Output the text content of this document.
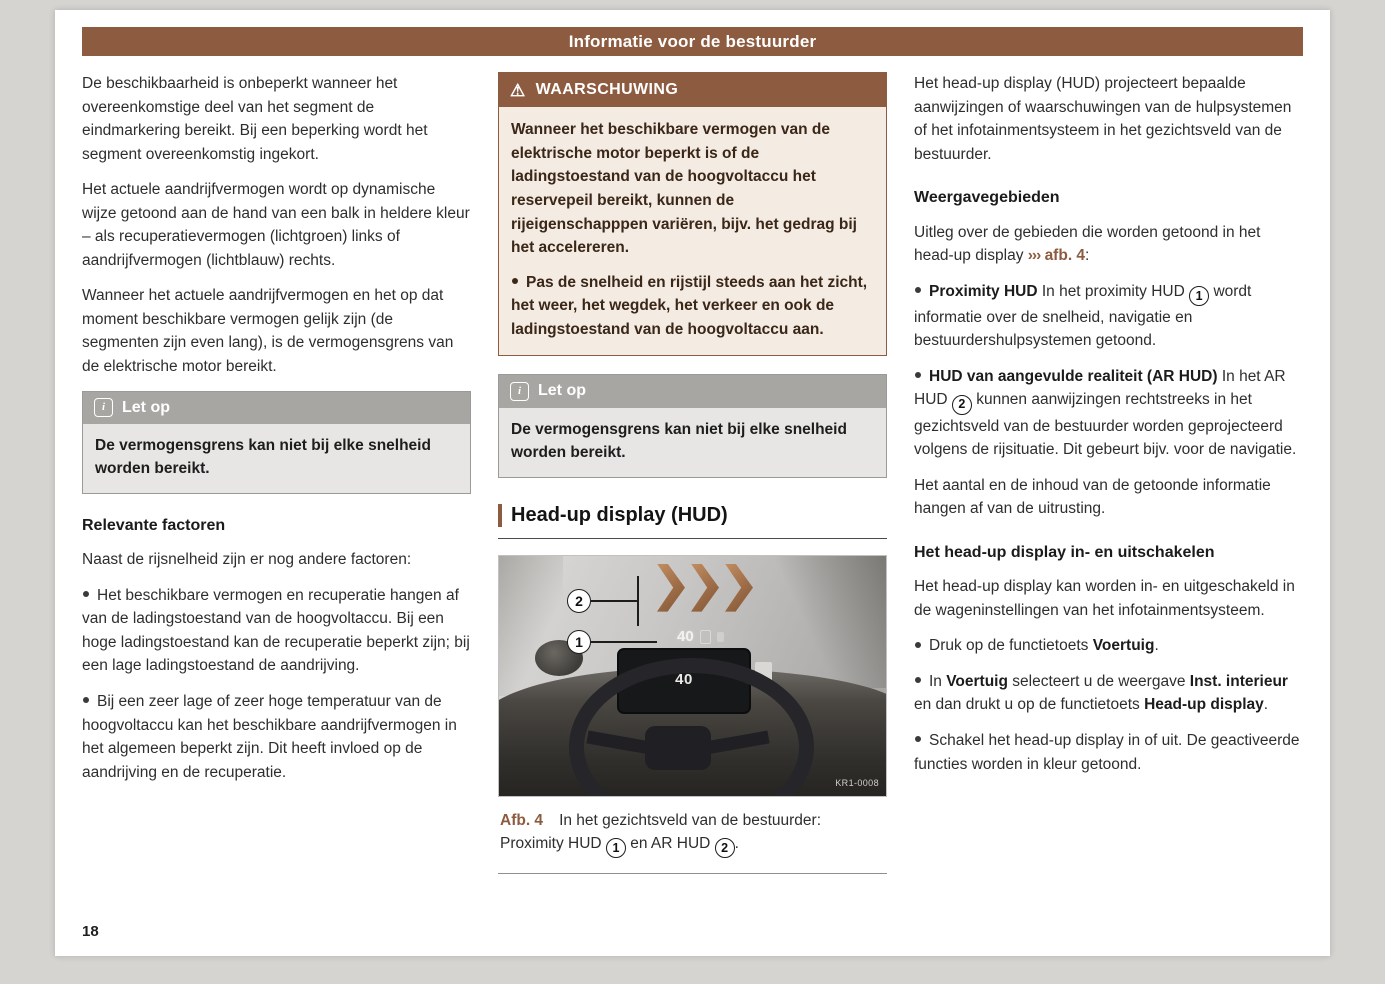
Informatie voor de bestuurder

De beschikbaarheid is onbeperkt wanneer het overeenkomstige deel van het segment de eindmarkering bereikt. Bij een beperking wordt het segment overeenkomstig ingekort.

Het actuele aandrijfvermogen wordt op dynamische wijze getoond aan de hand van een balk in heldere kleur – als recuperatievermogen (lichtgroen) links of aandrijfvermogen (lichtblauw) rechts.

Wanneer het actuele aandrijfvermogen en het op dat moment beschikbare vermogen gelijk zijn (de segmenten zijn even lang), is de vermogensgrens van de elektrische motor bereikt.

i	Let op
De vermogensgrens kan niet bij elke snelheid worden bereikt.
Relevante factoren

Naast de rijsnelheid zijn er nog andere factoren:

Het beschikbare vermogen en recuperatie hangen af van de ladingstoestand van de hoogvoltaccu. Bij een hoge ladingstoestand kan de recuperatie beperkt zijn; bij een lage ladingstoestand de aandrijving.

Bij een zeer lage of zeer hoge temperatuur van de hoogvoltaccu kan het beschikbare aandrijfvermogen in het algemeen beperkt zijn. Dit heeft invloed op de aandrijving en de recuperatie.

⚠ WAARSCHUWING

Wanneer het beschikbare vermogen van de elektrische motor beperkt is of de ladingstoestand van de hoogvoltaccu het reservepeil bereikt, kunnen de rijeigenschapppen variëren, bijv. het gedrag bij het accelereren.

Pas de snelheid en rijstijl steeds aan het zicht, het weer, het wegdek, het verkeer en ook de ladingstoestand van de hoogvoltaccu aan.

i	Let op
De vermogensgrens kan niet bij elke snelheid worden bereikt.
Head-up display (HUD)
40
40
2
1
KR1-0008
Afb. 4 In het gezichtsveld van de bestuurder: Proximity HUD 1 en AR HUD 2 .

Het head-up display (HUD) projecteert bepaalde aanwijzingen of waarschuwingen van de hulpsystemen of het infotainmentsysteem in het gezichtsveld van de bestuurder.

Weergavegebieden

Uitleg over de gebieden die worden getoond in het head-up display ››› afb. 4:

Proximity HUD In het proximity HUD 1 wordt informatie over de snelheid, navigatie en bestuurdershulpsystemen getoond.

HUD van aangevulde realiteit (AR HUD) In het AR HUD 2 kunnen aanwijzingen rechtstreeks in het gezichtsveld van de bestuurder worden geprojecteerd volgens de rijsituatie. Dit gebeurt bijv. voor de navigatie.

Het aantal en de inhoud van de getoonde informatie hangen af van de uitrusting.

Het head-up display in- en uitschakelen

Het head-up display kan worden in- en uitgeschakeld in de wageninstellingen van het infotainmentsysteem.

Druk op de functietoets Voertuig.

In Voertuig selecteert u de weergave Inst. interieur en dan drukt u op de functietoets Head-up display.

Schakel het head-up display in of uit. De geactiveerde functies worden in kleur getoond.

18
